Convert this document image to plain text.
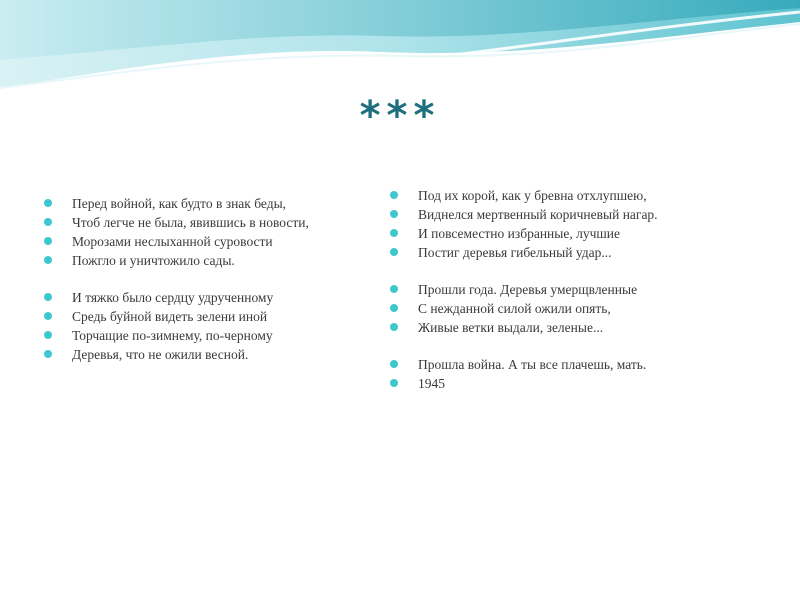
***
Перед войной, как будто в знак беды,
Чтоб легче не была, явившись в новости,
Морозами неслыханной суровости
Пожгло и уничтожило сады.
И тяжко было сердцу удрученному
Средь буйной видеть зелени иной
Торчащие по-зимнему, по-черному
Деревья, что не ожили весной.
Под их корой, как у бревна отхлупшею,
Виднелся мертвенный коричневый нагар.
И повсеместно избранные, лучшие
Постиг деревья гибельный удар...
Прошли года. Деревья умерщвленные
С нежданной силой ожили опять,
Живые ветки выдали, зеленые...
Прошла война. А ты все плачешь, мать.
1945
